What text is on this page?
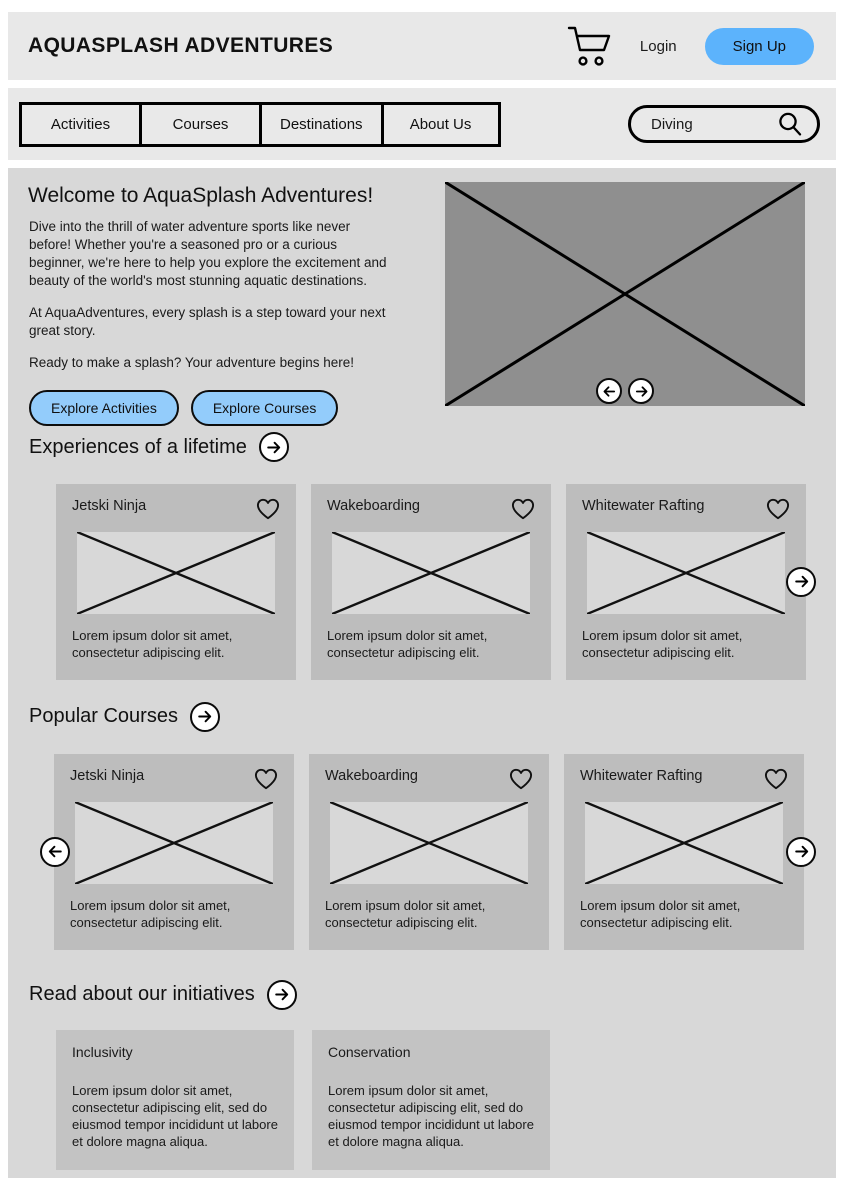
AQUASPLASH ADVENTURES	Login	Sign Up
Activities	Courses	Destinations	About Us	Diving
Welcome to AquaSplash Adventures!

Dive into the thrill of water adventure sports like never before! Whether you're a seasoned pro or a curious beginner, we're here to help you explore the excitement and beauty of the world's most stunning aquatic destinations.

At AquaAdventures, every splash is a step toward your next great story.

Ready to make a splash? Your adventure begins here!

Explore Activities	Explore Courses
Experiences of a lifetime
Jetski Ninja
Lorem ipsum dolor sit amet, consectetur adipiscing elit.
Wakeboarding
Lorem ipsum dolor sit amet, consectetur adipiscing elit.
Whitewater Rafting
Lorem ipsum dolor sit amet, consectetur adipiscing elit.
Popular Courses
Jetski Ninja
Lorem ipsum dolor sit amet, consectetur adipiscing elit.
Wakeboarding
Lorem ipsum dolor sit amet, consectetur adipiscing elit.
Whitewater Rafting
Lorem ipsum dolor sit amet, consectetur adipiscing elit.
Read about our initiatives
Inclusivity
Lorem ipsum dolor sit amet, consectetur adipiscing elit, sed do eiusmod tempor incididunt ut labore et dolore magna aliqua.
Conservation
Lorem ipsum dolor sit amet, consectetur adipiscing elit, sed do eiusmod tempor incididunt ut labore et dolore magna aliqua.
